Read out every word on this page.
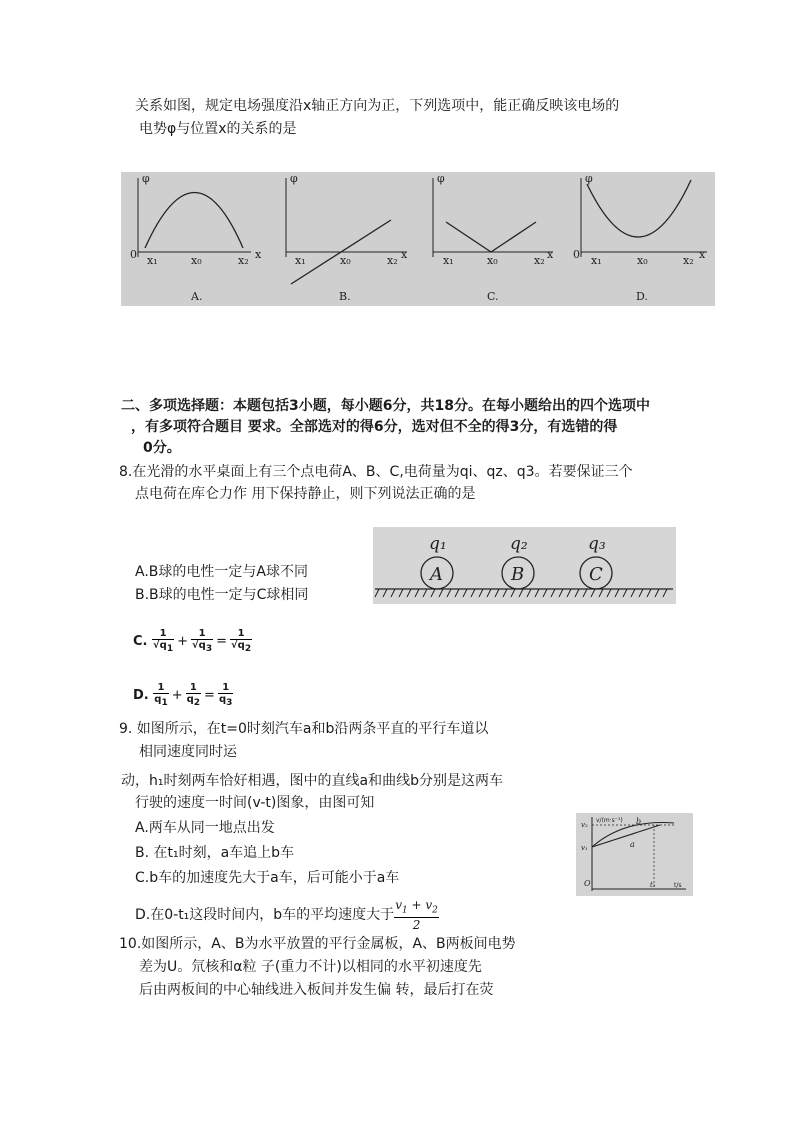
关系如图，规定电场强度沿x轴正方向为正，下列选项中，能正确反映该电场的
电势φ与位置x的关系的是
φ
0 x₁	x₀	x₂ x
A.
φ
x₁	x₀	x₂ x
B.
φ
x₁	x₀	x₂ x
C.
φ
0 x₁	x₀	x₂ x
D.
二、多项选择题：本题包括3小题，每小题6分，共18分。在每小题给出的四个选项中
，有多项符合题目 要求。全部选对的得6分，选对但不全的得3分，有选错的得
0分。
8.在光滑的水平桌面上有三个点电荷A、B、C,电荷量为qi、qz、q3。若要保证三个
点电荷在库仑力作 用下保持静止，则下列说法正确的是
A	B	C
q₁	q₂	q₃
A.B球的电性一定与A球不同
B.B球的电性一定与C球相同
C. $\frac{1}{√q_1} + \frac{1}{√q_3} = \frac{1}{√q_2}$
D. $\frac{1}{q_1} + \frac{1}{q_2} = \frac{1}{q_3}$
9. 如图所示，在t=0时刻汽车a和b沿两条平直的平行车道以
相同速度同时运
动，h₁时刻两车恰好相遇，图中的直线a和曲线b分别是这两车
行驶的速度一时间(v-t)图象，由图可知
A.两车从同一地点出发
B. 在t₁时刻，a车追上b车
C.b车的加速度先大于a车，后可能小于a车
D.在0-t₁这段时间内，b车的平均速度大于 $\frac{v_1 + v_2}{2}$
v/(m·s⁻¹)
v₂
v₁
O	t₁	t/s
a
b
10.如图所示，A、B为水平放置的平行金属板，A、B两板间电势
差为U。氘核和α粒 子(重力不计)以相同的水平初速度先
后由两板间的中心轴线进入板间并发生偏 转，最后打在荧
